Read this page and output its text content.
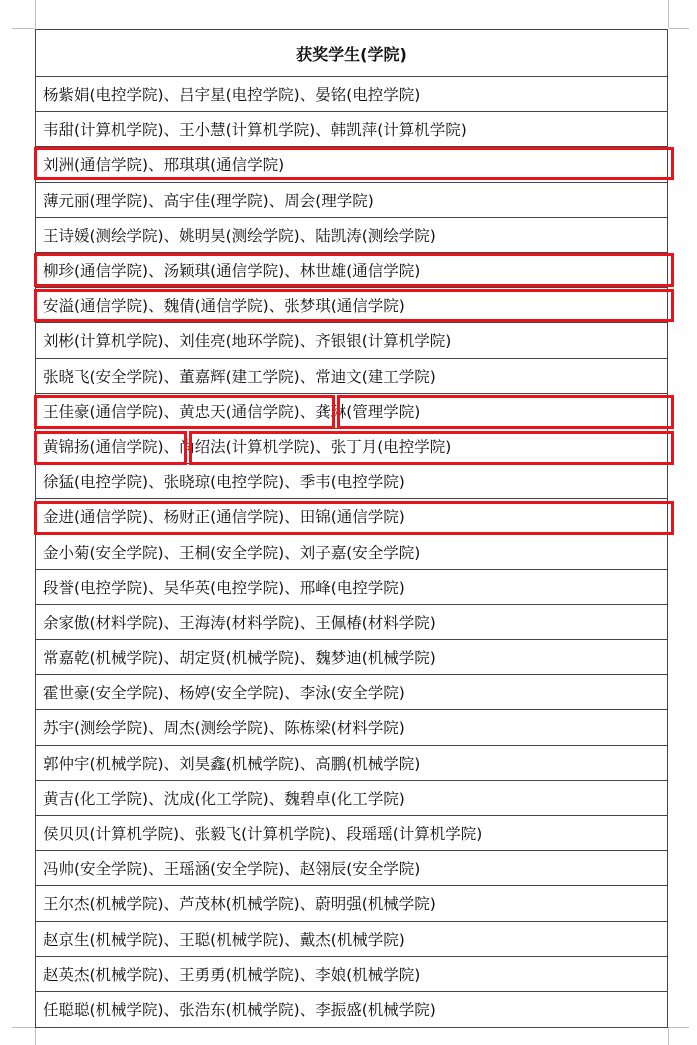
获奖学生(学院)
杨紫娟(电控学院)、吕宇星(电控学院)、晏铭(电控学院)
韦甜(计算机学院)、王小慧(计算机学院)、韩凯萍(计算机学院)
刘洲(通信学院)、邢琪琪(通信学院)
薄元丽(理学院)、高宇佳(理学院)、周会(理学院)
王诗媛(测绘学院)、姚明昊(测绘学院)、陆凯涛(测绘学院)
柳珍(通信学院)、汤颖琪(通信学院)、林世雄(通信学院)
安溢(通信学院)、魏倩(通信学院)、张梦琪(通信学院)
刘彬(计算机学院)、刘佳亮(地环学院)、齐银银(计算机学院)
张晓飞(安全学院)、董嘉辉(建工学院)、常迪文(建工学院)
王佳豪(通信学院)、黄忠天(通信学院)、龚琳(管理学院)
黄锦扬(通信学院)、尚绍法(计算机学院)、张丁月(电控学院)
徐猛(电控学院)、张晓琼(电控学院)、季韦(电控学院)
金进(通信学院)、杨财正(通信学院)、田锦(通信学院)
金小菊(安全学院)、王桐(安全学院)、刘子嘉(安全学院)
段誉(电控学院)、吴华英(电控学院)、邢峰(电控学院)
余家傲(材料学院)、王海涛(材料学院)、王佩椿(材料学院)
常嘉乾(机械学院)、胡定贤(机械学院)、魏梦迪(机械学院)
霍世豪(安全学院)、杨婷(安全学院)、李泳(安全学院)
苏宇(测绘学院)、周杰(测绘学院)、陈栋梁(材料学院)
郭仲宇(机械学院)、刘昊鑫(机械学院)、高鹏(机械学院)
黄吉(化工学院)、沈成(化工学院)、魏碧卓(化工学院)
侯贝贝(计算机学院)、张毅飞(计算机学院)、段瑶瑶(计算机学院)
冯帅(安全学院)、王瑶涵(安全学院)、赵翎辰(安全学院)
王尔杰(机械学院)、芦茂林(机械学院)、蔚明强(机械学院)
赵京生(机械学院)、王聪(机械学院)、戴杰(机械学院)
赵英杰(机械学院)、王勇勇(机械学院)、李娘(机械学院)
任聪聪(机械学院)、张浩东(机械学院)、李振盛(机械学院)
